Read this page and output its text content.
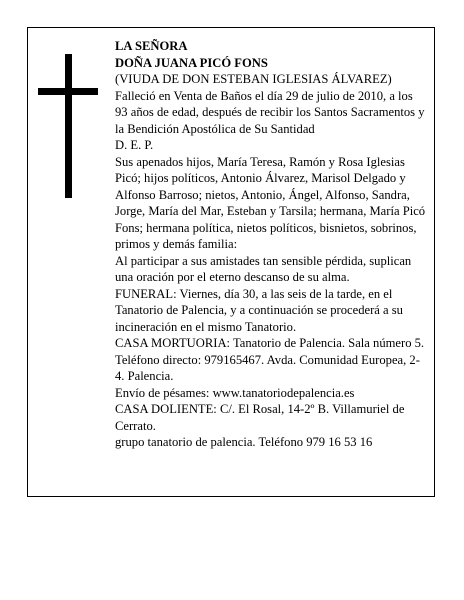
LA SEÑORA

DOÑA JUANA PICÓ FONS

(VIUDA DE DON ESTEBAN IGLESIAS ÁLVAREZ)

Falleció en Venta de Baños el día 29 de julio de 2010, a los 93 años de edad, después de recibir los Santos Sacramentos y la Bendición Apostólica de Su Santidad

D. E. P.

Sus apenados hijos, María Teresa, Ramón y Rosa Iglesias Picó; hijos políticos, Antonio Álvarez, Marisol Delgado y Alfonso Barroso; nietos, Antonio, Ángel, Alfonso, Sandra, Jorge, María del Mar, Esteban y Tarsila; hermana, María Picó Fons; hermana política, nietos políticos, bisnietos, sobrinos, primos y demás familia:

Al participar a sus amistades tan sensible pérdida, suplican una oración por el eterno descanso de su alma.

FUNERAL: Viernes, día 30, a las seis de la tarde, en el Tanatorio de Palencia, y a continuación se procederá a su incineración en el mismo Tanatorio.

CASA MORTUORIA: Tanatorio de Palencia. Sala número 5. Teléfono directo: 979165467. Avda. Comunidad Europea, 2-4. Palencia.

Envío de pésames: www.tanatoriodepalencia.es

CASA DOLIENTE: C/. El Rosal, 14-2º B. Villamuriel de Cerrato.

grupo tanatorio de palencia. Teléfono 979 16 53 16
